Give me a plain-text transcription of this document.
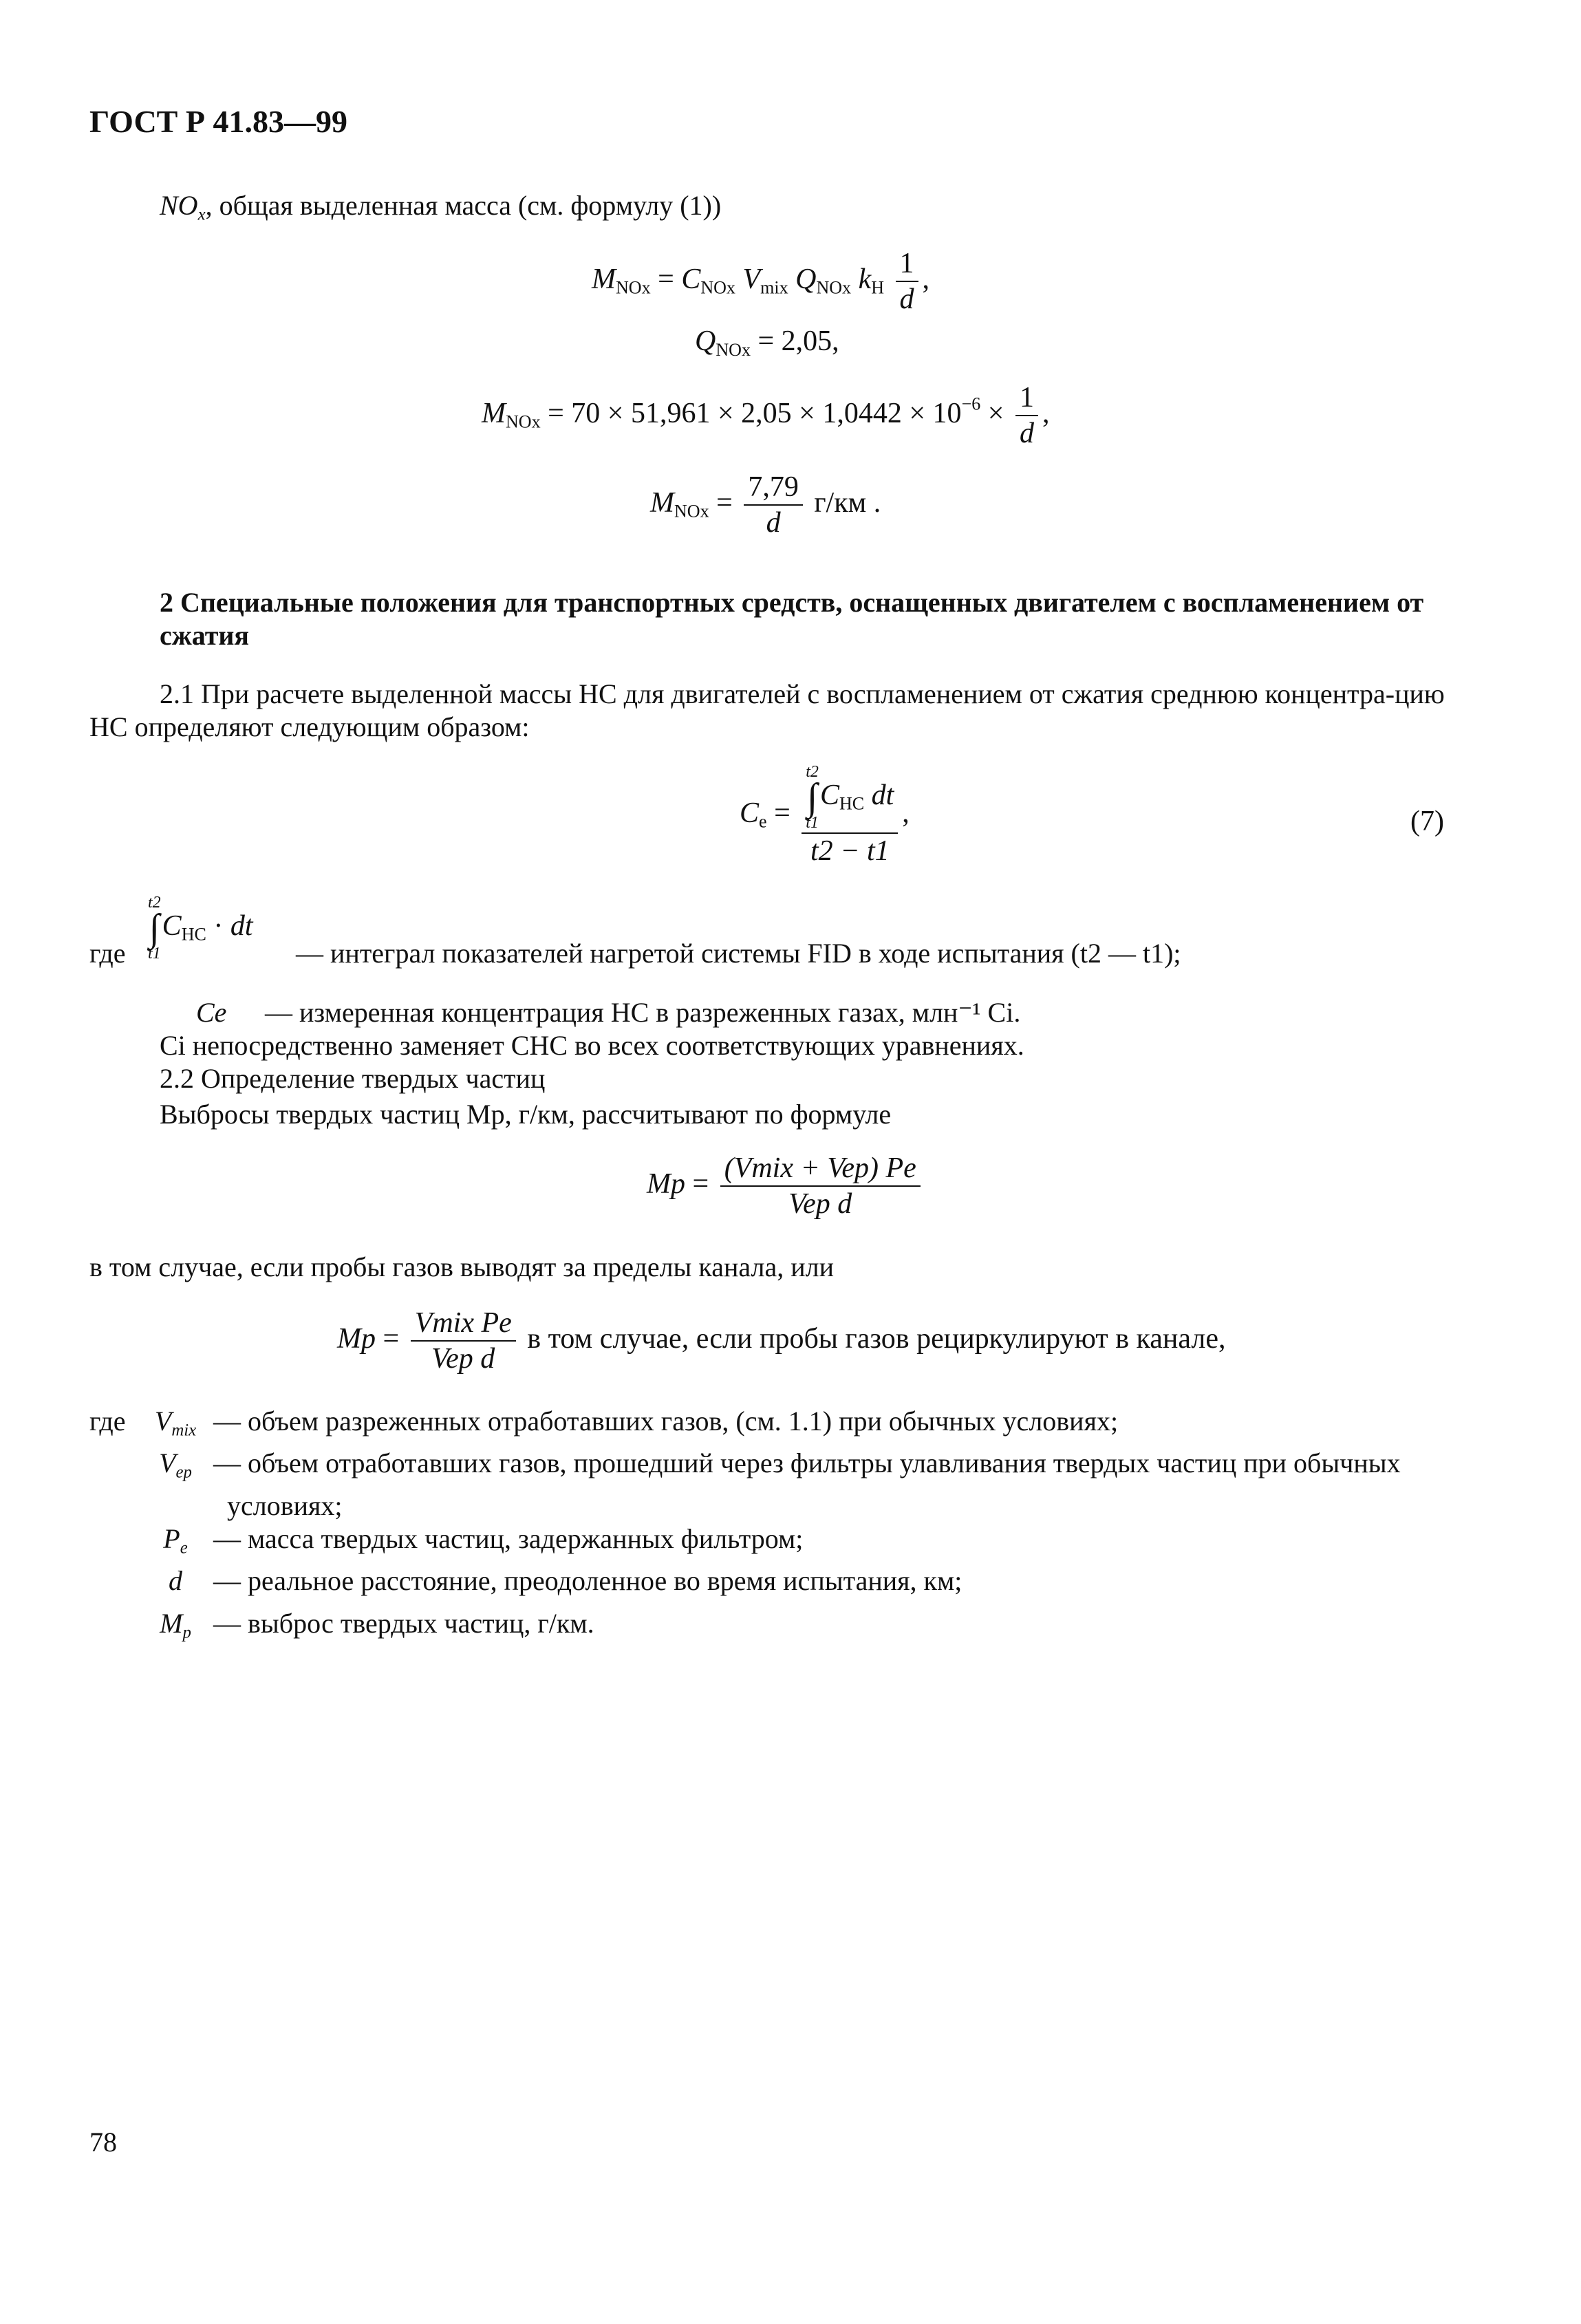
ГОСТ Р 41.83—99
$NO_x$, общая выделенная масса (см. формулу (1))
$M_{NOx} = C_{NOx}$ $V_{mix}$ $Q_{NOx}$ $k_H \frac{1}{d}$ ,
$Q_{NOx} = 2,05$,
$M_{NOx} = 70 \times 51,961 \times 2,05 \times 1,0442 \times 10^{-6} \times \frac{1}{d}$ ,
$M_{NOx} = \frac{7,79}{d} г/км$ .
2 Специальные положения для транспортных средств, оснащенных двигателем с воспламенением от сжатия
2.1 При расчете выделенной массы НС для двигателей с воспламенением от сжатия среднюю концентра-цию НС определяют следующим образом:
$C_e = t2$
∫
t1
$C_{HC}$ dt
t2 − t1 ,	(7)
где
t2
∫
t1
$C_{HC}$ · dt
— интеграл показателей нагретой системы FID в ходе испытания (t2 — t1);
Ce — измеренная концентрация НС в разреженных газах, млн⁻¹ Ci.
Ci непосредственно заменяет CHC во всех соответствующих уравнениях.
2.2 Определение твердых частиц
Выбросы твердых частиц Mp, г/км, рассчитывают по формуле
$Mp = \frac{\text{(Vmix + Vep) Pe}}{\text{Vep d}}$
в том случае, если пробы газов выводят за пределы канала, или
$Mp = \frac{\text{Vmix Pe}}{\text{Vep d}}$ в том случае, если пробы газов рециркулируют в канале,
где	$V_{mix}$ — объем разреженных отработавших газов, (см. 1.1) при обычных условиях;
$V_{ep}$ — объем отработавших газов, прошедший через фильтры улавливания твердых частиц при обычных
условиях;
$P_e$ — масса твердых частиц, задержанных фильтром;
d	— реальное расстояние, преодоленное во время испытания, км;
$M_p$ — выброс твердых частиц, г/км.
78
